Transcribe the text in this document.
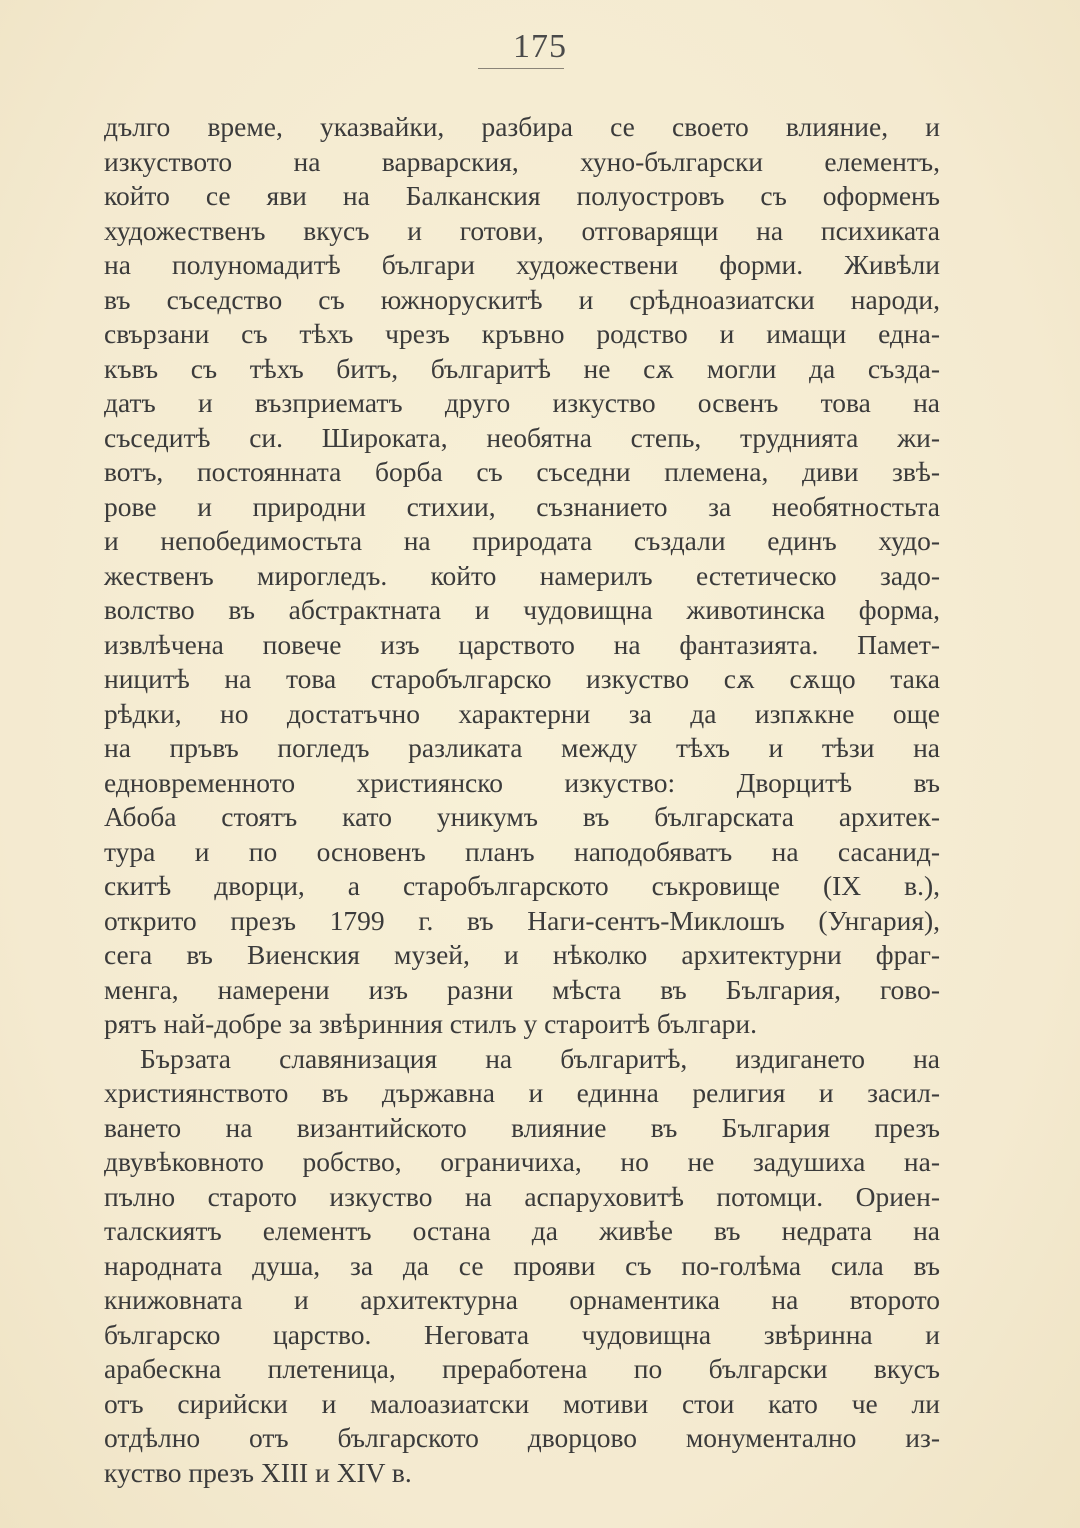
175
дълго време, указвайки, разбира се своето влияние, и
изкуството на варварския, хуно-български елементъ,
който се яви на Балканския полуостровъ съ оформенъ
художественъ вкусъ и готови, отговарящи на психиката
на полуномадитѣ българи художествени форми. Живѣли
въ съседство съ южнорускитѣ и срѣдноазиатски народи,
свързани съ тѣхъ чрезъ кръвно родство и имащи една-
къвъ съ тѣхъ битъ, българитѣ не сѫ могли да създа-
датъ и възприематъ друго изкуство освенъ това на
съседитѣ си. Широката, необятна степь, труднията жи-
вотъ, постоянната борба съ съседни племена, диви звѣ-
рове и природни стихии, съзнанието за необятностьта
и непобедимостьта на природата създали единъ худо-
жественъ мирогледъ. който намерилъ естетическо задо-
волство въ абстрактната и чудовищна животинска форма,
извлѣчена повече изъ царството на фантазията. Памет-
ницитѣ на това старобългарско изкуство сѫ сѫщо така
рѣдки, но достатъчно характерни за да изпѫкне още
на пръвъ погледъ разликата между тѣхъ и тѣзи на
едновременното християнско изкуство: Дворцитѣ въ
Абоба стоятъ като уникумъ въ българската архитек-
тура и по основенъ планъ наподобяватъ на сасанид-
скитѣ дворци, а старобългарското съкровище (IX в.),
открито презъ 1799 г. въ Наги-сентъ-Миклошъ (Унгария),
сега въ Виенския музей, и нѣколко архитектурни фраг-
менга, намерени изъ разни мѣста въ България, гово-
рятъ най-добре за звѣринния стилъ у староитѣ българи.
Бързата славянизация на българитѣ, издигането на
християнството въ държавна и единна религия и засил-
ването на византийското влияние въ България презъ
двувѣковното робство, ограничиха, но не задушиха на-
пълно старото изкуство на аспаруховитѣ потомци. Ориен-
талскиятъ елементъ остана да живѣе въ недрата на
народната душа, за да се прояви съ по-голѣма сила въ
книжовната и архитектурна орнаментика на второто
българско царство. Неговата чудовищна звѣринна и
арабескна плетеница, преработена по български вкусъ
отъ сирийски и малоазиатски мотиви стои като че ли
отдѣлно отъ българското дворцово монументално из-
куство презъ XIII и XIV в.
